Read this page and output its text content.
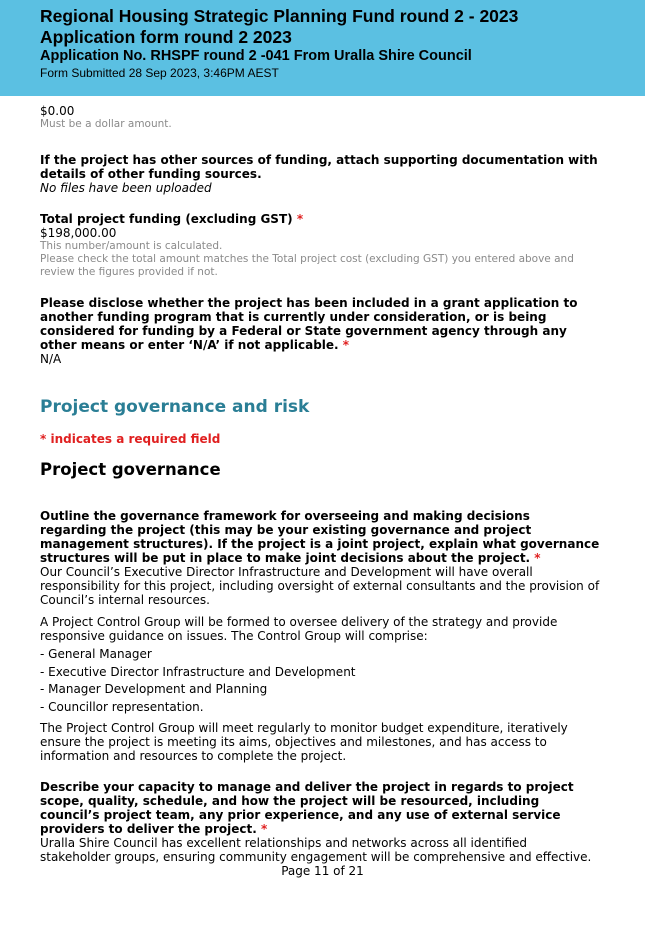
Regional Housing Strategic Planning Fund round 2 - 2023
Application form round 2 2023
Application No. RHSPF round 2 -041 From Uralla Shire Council
Form Submitted 28 Sep 2023, 3:46PM AEST

$0.00

Must be a dollar amount.

If the project has other sources of funding, attach supporting documentation with details of other funding sources.

No files have been uploaded

Total project funding (excluding GST) *

$198,000.00

This number/amount is calculated.

Please check the total amount matches the Total project cost (excluding GST) you entered above and review the figures provided if not.

Please disclose whether the project has been included in a grant application to another funding program that is currently under consideration, or is being considered for funding by a Federal or State government agency through any other means or enter ‘N/A’ if not applicable. *

N/A

Project governance and risk

* indicates a required field

Project governance

Outline the governance framework for overseeing and making decisions regarding the project (this may be your existing governance and project management structures). If the project is a joint project, explain what governance structures will be put in place to make joint decisions about the project. *

Our Council’s Executive Director Infrastructure and Development will have overall responsibility for this project, including oversight of external consultants and the provision of Council’s internal resources.

A Project Control Group will be formed to oversee delivery of the strategy and provide responsive guidance on issues. The Control Group will comprise:

- General Manager

- Executive Director Infrastructure and Development

- Manager Development and Planning

- Councillor representation.

The Project Control Group will meet regularly to monitor budget expenditure, iteratively ensure the project is meeting its aims, objectives and milestones, and has access to information and resources to complete the project.

Describe your capacity to manage and deliver the project in regards to project scope, quality, schedule, and how the project will be resourced, including council’s project team, any prior experience, and any use of external service providers to deliver the project. *

Uralla Shire Council has excellent relationships and networks across all identified stakeholder groups, ensuring community engagement will be comprehensive and effective.

Page 11 of 21
